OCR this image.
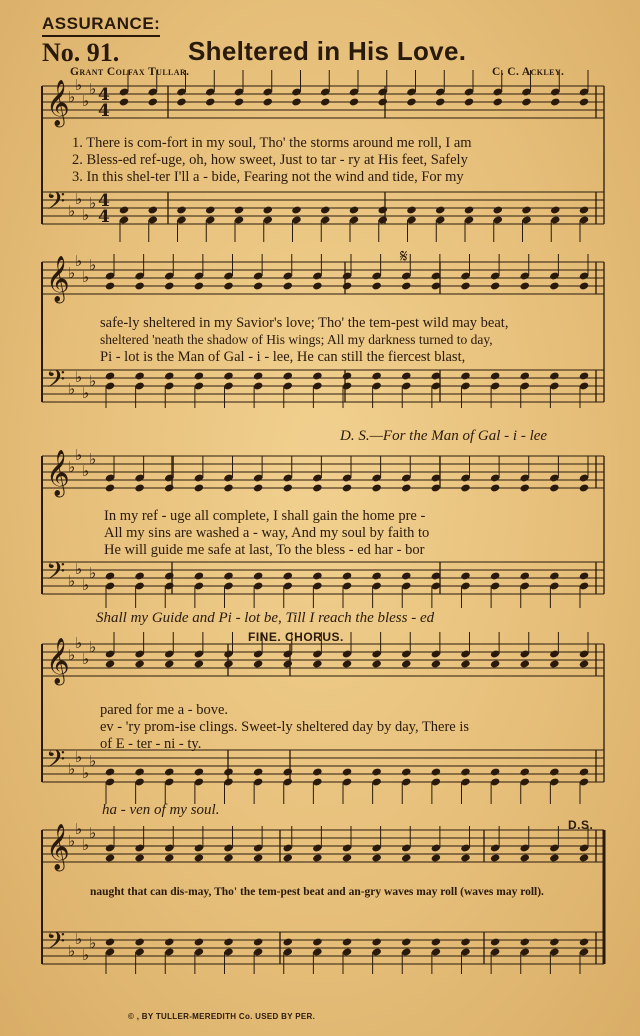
ASSURANCE:
No. 91.	Sheltered in His Love.
Grant Colfax Tullar.	C. C. Ackley.
𝄞
♭
♭
♭
♭ 4
4
𝄢 ♭
♭
♭
♭ 4
4
𝄞
♭
♭
♭
♭
𝄢 ♭
♭
♭
♭
𝄞
♭
♭
♭
♭
𝄢 ♭
♭
♭
♭
𝄞
♭
♭
♭
♭
𝄢 ♭
♭
♭
♭
𝄞
♭
♭
♭
♭
𝄢 ♭
♭
♭
♭
𝄋
1. There is com-fort in my soul, Tho' the storms around me roll, I am
2. Bless-ed ref-uge, oh, how sweet, Just to tar - ry at His feet, Safely
3. In this shel-ter I'll a - bide, Fearing not the wind and tide, For my
safe-ly sheltered in my Savior's love; Tho' the tem-pest wild may beat,
sheltered 'neath the shadow of His wings; All my darkness turned to day,
Pi - lot is the Man of Gal - i - lee, He can still the fiercest blast,
D. S.—For the Man of Gal - i - lee
In my ref - uge all complete, I shall gain the home pre -
All my sins are washed a - way, And my soul by faith to
He will guide me safe at last, To the bless - ed har - bor
Shall my Guide and Pi - lot be, Till I reach the bless - ed
FINE. CHORUS.
pared for me a - bove.
ev - 'ry prom-ise clings. Sweet-ly sheltered day by day, There is
of E - ter - ni - ty.
ha - ven of my soul.
D.S.
naught that can dis-may, Tho' the tem-pest beat and an-gry waves may roll (waves may roll).
© , BY TULLER-MEREDITH Co. USED BY PER.
